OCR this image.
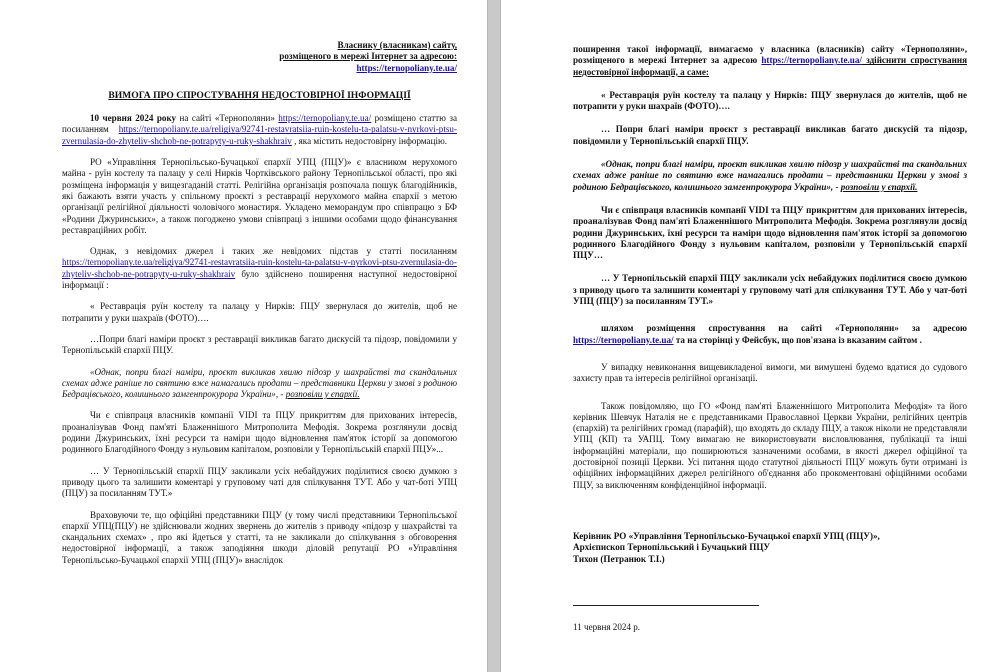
Власнику (власникам) сайту,

розміщеного в мережі Інтернет за адресою:

https://ternopoliany.te.ua/

ВИМОГА ПРО СПРОСТУВАННЯ НЕДОСТОВІРНОЇ ІНФОРМАЦІЇ

10 червня 2024 року на сайті «Тернополяни» https://ternopoliany.te.ua/ розміщено статтю за посиланням https://ternopoliany.te.ua/religiya/92741-restavratsiia-ruin-kostelu-ta-palatsu-v-nyrkovi-ptsu-zvernulasia-do-zhyteliv-shchob-ne-potrapyty-u-ruky-shakhraiv , яка містить недостовірну інформацію.

РО «Управління Тернопільсько-Бучацької єпархії УПЦ (ПЦУ)» є власником нерухомого майна - руїн костелу та палацу у селі Нирків Чортківського району Тернопільської області, про які розміщена інформація у вищезгаданій статті. Релігійна організація розпочала пошук благодійників, які бажають взяти участь у спільному проєкті з реставрації нерухомого майна єпархії з метою організації релігійної діяльності чоловічого монастиря. Укладено меморандум про співпрацю з БФ «Родини Джуринських», а також погоджено умови співпраці з іншими особами щодо фінансування реставраційних робіт.

Однак, з невідомих джерел і таких же невідомих підстав у статті посиланням https://ternopoliany.te.ua/religiya/92741-restavratsiia-ruin-kostelu-ta-palatsu-v-nyrkovi-ptsu-zvernulasia-do-zhyteliv-shchob-ne-potrapyty-u-ruky-shakhraiv було здійснено поширення наступної недостовірної інформації :

« Реставрація руїн костелу та палацу у Нирків: ПЦУ звернулася до жителів, щоб не потрапити у руки шахраїв (ФОТО)….

…Попри благі наміри проєкт з реставрації викликав багато дискусій та підозр, повідомили у Тернопільській єпархії ПЦУ.

«Однак, попри благі наміри, проєкт викликав хвилю підозр у шахрайстві та скандальних схемах адже раніше по святиню вже намагались продати – представники Церкви у змові з родиною Бедрацівського, колишнього замгенпрокурора України», - розповіли у єпархії.

Чи є співпраця власників компанії VIDI та ПЦУ прикриттям для прихованих інтересів, проаналізував Фонд пам'яті Блаженнішого Митрополита Мефодія. Зокрема розглянули досвід родини Джуринських, їхні ресурси та наміри щодо відновлення пам'яток історії за допомогою родинного Благодійного Фонду з нульовим капіталом, розповіли у Тернопільській єпархії ПЦУ»...

… У Тернопільській єпархії ПЦУ закликали усіх небайдужих поділитися своєю думкою з приводу цього та залишити коментарі у груповому чаті для спілкування ТУТ. Або у чат-боті УПЦ (ПЦУ) за посиланням ТУТ.»

Враховуючи те, що офіційні представники ПЦУ (у тому числі представники Тернопільської єпархії УПЦ(ПЦУ) не здійснювали жодних звернень до жителів з приводу «підозр у шахрайстві та скандальних схемах» , про які йдеться у статті, та не закликали до спілкування з обговорення недостовірної інформації, а також заподіяння шкоди діловій репутації РО «Управління Тернопільсько-Бучацької єпархії УПЦ (ПЦУ)» внаслідок

поширення такої інформації, вимагаємо у власника (власників) сайту «Тернополяни», розміщеного в мережі Інтернет за адресою https://ternopoliany.te.ua/ здійснити спростування недостовірної інформації, а саме:

« Реставрація руїн костелу та палацу у Нирків: ПЦУ звернулася до жителів, щоб не потрапити у руки шахраїв (ФОТО)….

… Попри благі наміри проєкт з реставрації викликав багато дискусій та підозр, повідомили у Тернопільській єпархії ПЦУ.

«Однак, попри благі наміри, проєкт викликав хвилю підозр у шахрайстві та скандальних схемах адже раніше по святиню вже намагались продати – представники Церкви у змові з родиною Бедрацівського, колишнього замгенпрокурора України», - розповіли у єпархії.

Чи є співпраця власників компанії VIDI та ПЦУ прикриттям для прихованих інтересів, проаналізував Фонд пам'яті Блаженнішого Митрополита Мефодія. Зокрема розглянули досвід родини Джуринських, їхні ресурси та наміри щодо відновлення пам'яток історії за допомогою родинного Благодійного Фонду з нульовим капіталом, розповіли у Тернопільській єпархії ПЦУ…

… У Тернопільській єпархії ПЦУ закликали усіх небайдужих поділитися своєю думкою з приводу цього та залишити коментарі у груповому чаті для спілкування ТУТ. Або у чат-боті УПЦ (ПЦУ) за посиланням ТУТ.»

шляхом розміщення спростування на сайті «Тернополяни» за адресою https://ternopoliany.te.ua/ та на сторінці у Фейсбук, що пов'язана із вказаним сайтом .

У випадку невиконання вищевикладеної вимоги, ми вимушені будемо вдатися до судового захисту прав та інтересів релігійної організації.

Також повідомляю, що ГО «Фонд пам'яті Блаженнішого Митрополита Мефодія» та його керівник Шевчук Наталія не є представниками Православної Церкви України, релігійних центрів (єпархій) та релігійних громад (парафій), що входять до складу ПЦУ, а також ніколи не представляли УПЦ (КП) та УАПЦ. Тому вимагаю не використовувати висловлювання, публікації та інші інформаційні матеріали, що поширюються зазначеними особами, в якості джерел офіційної та достовірної позиції Церкви. Усі питання щодо статутної діяльності ПЦУ можуть бути отримані із офіційних інформаційних джерел релігійного об'єднання або прокоментовані офіційними особами ПЦУ, за виключенням конфіденційної інформації.

Керівник РО «Управління Тернопільсько-Бучацької єпархії УПЦ (ПЦУ)»,

Архієпископ Тернопільський і Бучацький ПЦУ

Тихон (Петранюк Т.І.)

11 червня 2024 р.
